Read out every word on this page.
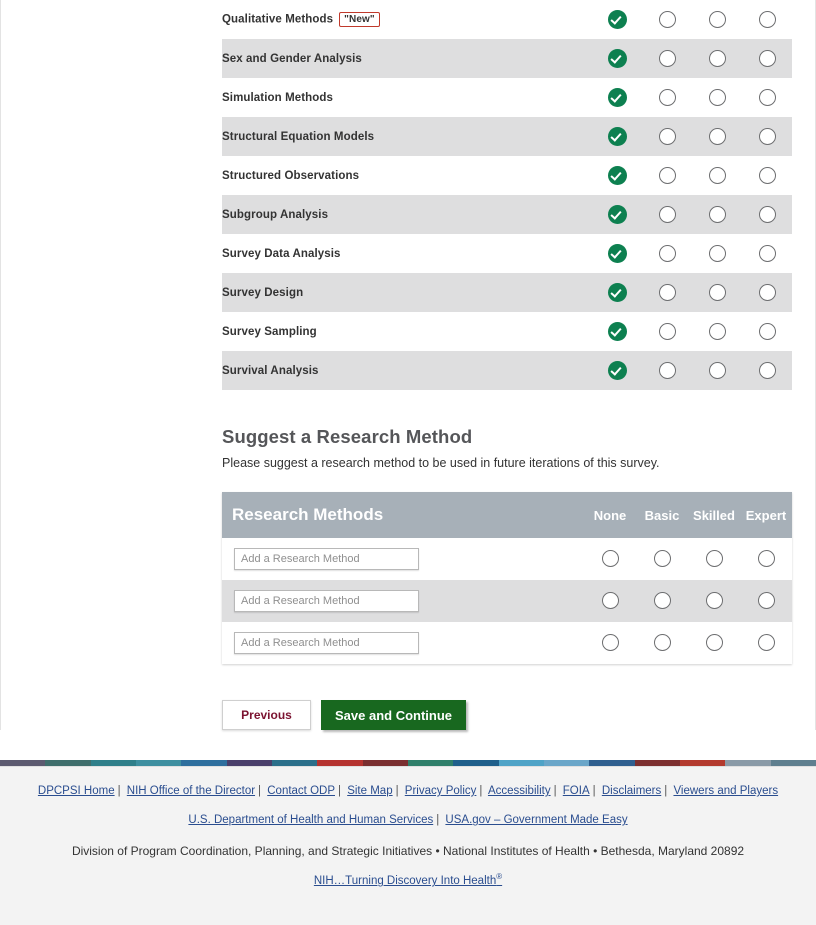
Qualitative Methods "New"				
Sex and Gender Analysis				
Simulation Methods				
Structural Equation Models				
Structured Observations				
Subgroup Analysis				
Survey Data Analysis				
Survey Design				
Survey Sampling				
Survival Analysis				
Suggest a Research Method
Please suggest a research method to be used in future iterations of this survey.
Research Methods	None	Basic	Skilled	Expert
Add a Research Method				
Add a Research Method				
Add a Research Method				
Previous	Save and Continue
DPCPSI Home | NIH Office of the Director | Contact ODP | Site Map | Privacy Policy | Accessibility | FOIA | Disclaimers | Viewers and Players
U.S. Department of Health and Human Services | USA.gov – Government Made Easy
Division of Program Coordination, Planning, and Strategic Initiatives • National Institutes of Health • Bethesda, Maryland 20892
NIH…Turning Discovery Into Health®
